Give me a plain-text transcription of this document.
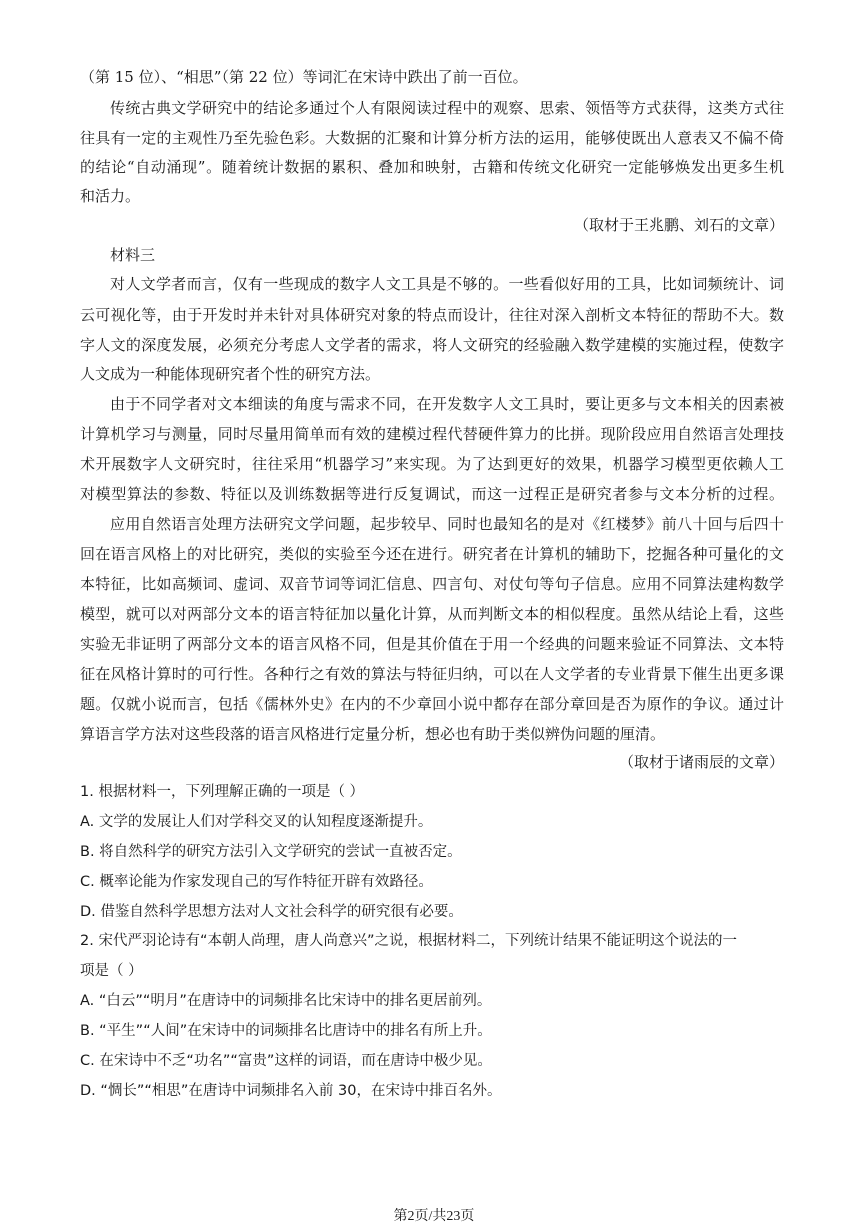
（第 15 位）、“相思”（第 22 位）等词汇在宋诗中跌出了前一百位。
传统古典文学研究中的结论多通过个人有限阅读过程中的观察、思索、领悟等方式获得，这类方式往
往具有一定的主观性乃至先验色彩。大数据的汇聚和计算分析方法的运用，能够使既出人意表又不偏不倚
的结论“自动涌现”。随着统计数据的累积、叠加和映射，古籍和传统文化研究一定能够焕发出更多生机
和活力。
（取材于王兆鹏、刘石的文章）
材料三
对人文学者而言，仅有一些现成的数字人文工具是不够的。一些看似好用的工具，比如词频统计、词
云可视化等，由于开发时并未针对具体研究对象的特点而设计，往往对深入剖析文本特征的帮助不大。数
字人文的深度发展，必须充分考虑人文学者的需求，将人文研究的经验融入数学建模的实施过程，使数字
人文成为一种能体现研究者个性的研究方法。
由于不同学者对文本细读的角度与需求不同，在开发数字人文工具时，要让更多与文本相关的因素被
计算机学习与测量，同时尽量用简单而有效的建模过程代替硬件算力的比拼。现阶段应用自然语言处理技
术开展数字人文研究时，往往采用“机器学习”来实现。为了达到更好的效果，机器学习模型更依赖人工
对模型算法的参数、特征以及训练数据等进行反复调试，而这一过程正是研究者参与文本分析的过程。
应用自然语言处理方法研究文学问题，起步较早、同时也最知名的是对《红楼梦》前八十回与后四十
回在语言风格上的对比研究，类似的实验至今还在进行。研究者在计算机的辅助下，挖掘各种可量化的文
本特征，比如高频词、虚词、双音节词等词汇信息、四言句、对仗句等句子信息。应用不同算法建构数学
模型，就可以对两部分文本的语言特征加以量化计算，从而判断文本的相似程度。虽然从结论上看，这些
实验无非证明了两部分文本的语言风格不同，但是其价值在于用一个经典的问题来验证不同算法、文本特
征在风格计算时的可行性。各种行之有效的算法与特征归纳，可以在人文学者的专业背景下催生出更多课
题。仅就小说而言，包括《儒林外史》在内的不少章回小说中都存在部分章回是否为原作的争议。通过计
算语言学方法对这些段落的语言风格进行定量分析，想必也有助于类似辨伪问题的厘清。
（取材于诸雨辰的文章）
1. 根据材料一，下列理解正确的一项是（ ）
A. 文学的发展让人们对学科交叉的认知程度逐渐提升。
B. 将自然科学的研究方法引入文学研究的尝试一直被否定。
C. 概率论能为作家发现自己的写作特征开辟有效路径。
D. 借鉴自然科学思想方法对人文社会科学的研究很有必要。
2. 宋代严羽论诗有“本朝人尚理，唐人尚意兴”之说，根据材料二，下列统计结果不能证明这个说法的一
项是（ ）
A. “白云”“明月”在唐诗中的词频排名比宋诗中的排名更居前列。
B. “平生”“人间”在宋诗中的词频排名比唐诗中的排名有所上升。
C. 在宋诗中不乏“功名”“富贵”这样的词语，而在唐诗中极少见。
D. “惆长”“相思”在唐诗中词频排名入前 30，在宋诗中排百名外。
第2页/共23页
